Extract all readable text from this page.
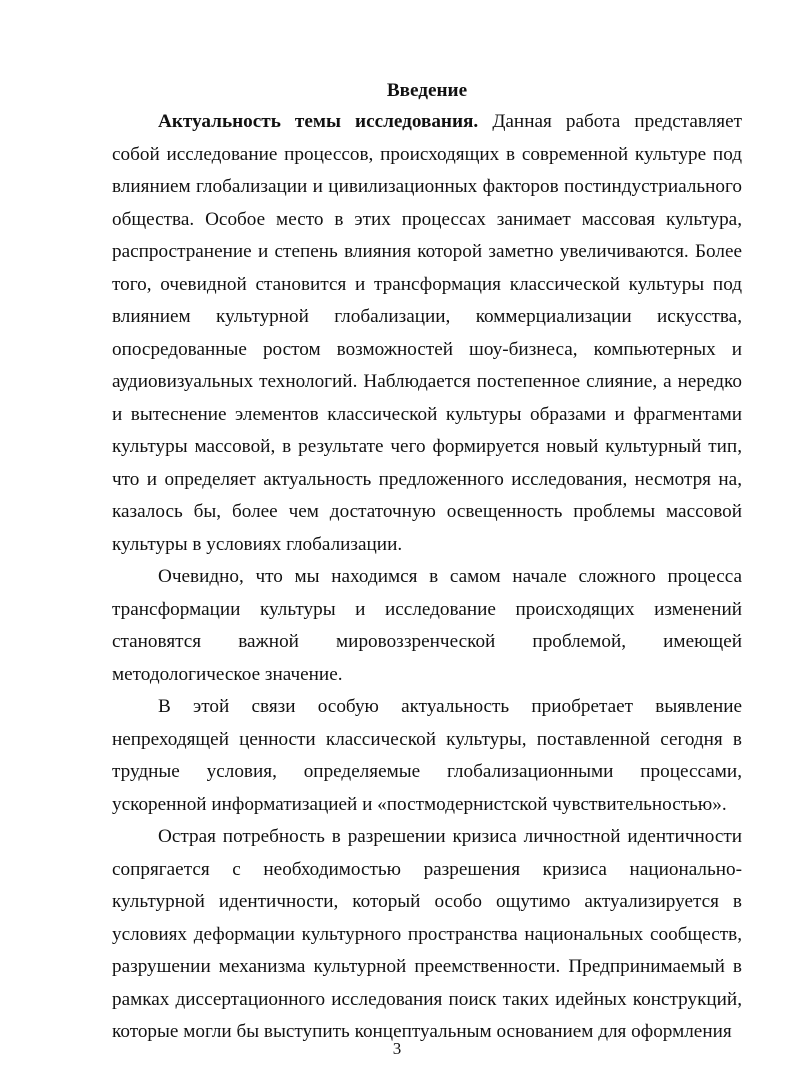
Введение

Актуальность темы исследования. Данная работа представляет собой исследование процессов, происходящих в современной культуре под влиянием глобализации и цивилизационных факторов постиндустриального общества. Особое место в этих процессах занимает массовая культура, распространение и степень влияния которой заметно увеличиваются. Более того, очевидной становится и трансформация классической культуры под влиянием культурной глобализации, коммерциализации искусства, опосредованные ростом возможностей шоу-бизнеса, компьютерных и аудиовизуальных технологий. Наблюдается постепенное слияние, а нередко и вытеснение элементов классической культуры образами и фрагментами культуры массовой, в результате чего формируется новый культурный тип, что и определяет актуальность предложенного исследования, несмотря на, казалось бы, более чем достаточную освещенность проблемы массовой культуры в условиях глобализации.

Очевидно, что мы находимся в самом начале сложного процесса трансформации культуры и исследование происходящих изменений становятся важной мировоззренческой проблемой, имеющей методологическое значение.

В этой связи особую актуальность приобретает выявление непреходящей ценности классической культуры, поставленной сегодня в трудные условия, определяемые глобализационными процессами, ускоренной информатизацией и «постмодернистской чувствительностью».

Острая потребность в разрешении кризиса личностной идентичности сопрягается с необходимостью разрешения кризиса национально-культурной идентичности, который особо ощутимо актуализируется в условиях деформации культурного пространства национальных сообществ, разрушении механизма культурной преемственности. Предпринимаемый в рамках диссертационного исследования поиск таких идейных конструкций, которые могли бы выступить концептуальным основанием для оформления

3
